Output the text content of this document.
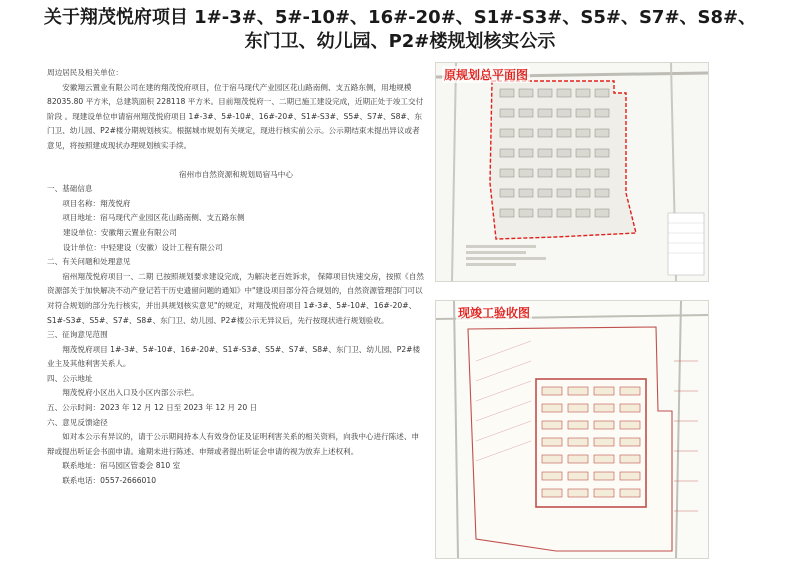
关于翔茂悦府项目 1#-3#、5#-10#、16#-20#、S1#-S3#、S5#、S7#、S8#、
东门卫、幼儿园、P2#楼规划核实公示

周边居民及相关单位：

安徽翔云置业有限公司在建的翔茂悦府项目，位于宿马现代产业园区花山路南侧、支五路东侧，用地规模 82035.80 平方米，总建筑面积 228118 平方米。目前翔茂悦府一、二期已施工建设完成，近期正处于竣工交付阶段 。现建设单位申请宿州翔茂悦府项目 1#-3#、5#-10#、16#-20#、S1#-S3#、S5#、S7#、S8#、东门卫、幼儿园、P2#楼分期规划核实。根据城市规划有关规定，现进行核实前公示。公示期结束未提出异议或者意见，将按照建成现状办理规划核实手续。

宿州市自然资源和规划局宿马中心

一、基础信息

项目名称：翔茂悦府

项目地址：宿马现代产业园区花山路南侧、支五路东侧

建设单位：安徽翔云置业有限公司

设计单位：中轻建设（安徽）设计工程有限公司

二、有关问题和处理意见

宿州翔茂悦府项目一、二期 已按照规划要求建设完成，为解决老百姓诉求， 保障项目快速交房，按照《自然资源部关于加快解决不动产登记若干历史遗留问题的通知》中"建设项目部分符合规划的，自然资源管理部门可以对符合规划的部分先行核实，并出具规划核实意见"的规定，对翔茂悦府项目 1#-3#、5#-10#、16#-20#、S1#-S3#、S5#、S7#、S8#、东门卫、幼儿园、P2#楼公示无异议后，先行按现状进行规划验收。

三、征询意见范围

翔茂悦府项目 1#-3#、5#-10#、16#-20#、S1#-S3#、S5#、S7#、S8#、东门卫、幼儿园、P2#楼业主及其他利害关系人。

四、公示地址

翔茂悦府小区出入口及小区内部公示栏。

五、公示时间：2023 年 12 月 12 日至 2023 年 12 月 20 日

六、意见反馈途径

如对本公示有异议的，请于公示期间持本人有效身份证及证明利害关系的相关资料，向我中心进行陈述、申辩或提出听证会书面申请。逾期未进行陈述、申辩或者提出听证会申请的视为放弃上述权利。

联系地址：宿马园区管委会 810 室

联系电话：0557-2666010

原规划总平面图
现竣工验收图
